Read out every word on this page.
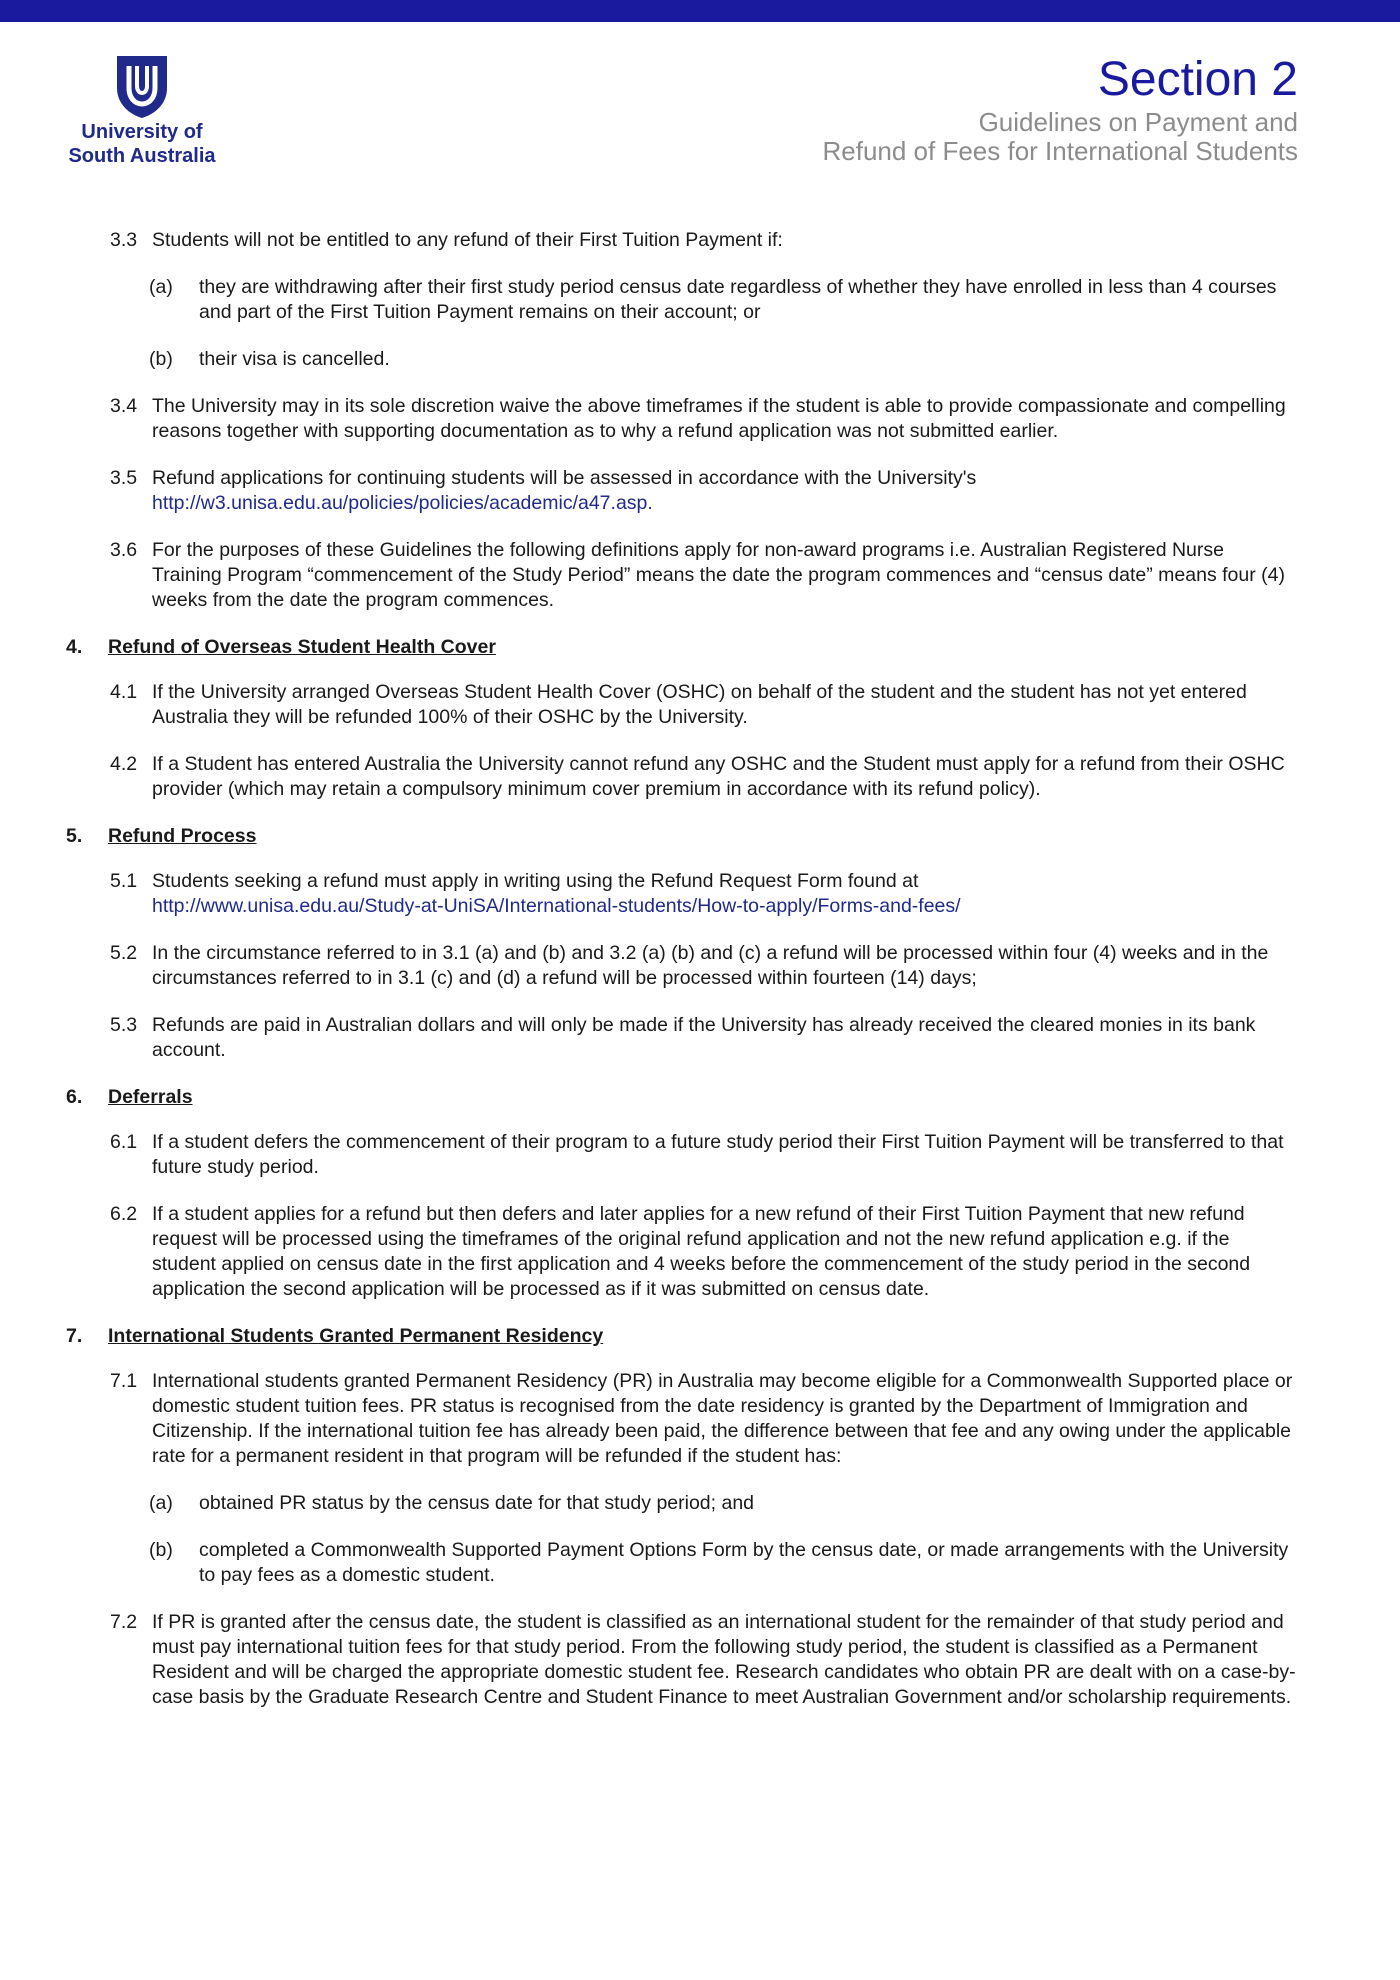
University of
South Australia
Section 2
Guidelines on Payment and
Refund of Fees for International Students
3.3 Students will not be entitled to any refund of their First Tuition Payment if:
(a) they are withdrawing after their first study period census date regardless of whether they have enrolled in less than 4 courses and part of the First Tuition Payment remains on their account; or
(b) their visa is cancelled.
3.4 The University may in its sole discretion waive the above timeframes if the student is able to provide compassionate and compelling reasons together with supporting documentation as to why a refund application was not submitted earlier.
3.5 Refund applications for continuing students will be assessed in accordance with the University's
http://w3.unisa.edu.au/policies/policies/academic/a47.asp.
3.6 For the purposes of these Guidelines the following definitions apply for non-award programs i.e. Australian Registered Nurse Training Program “commencement of the Study Period” means the date the program commences and “census date” means four (4) weeks from the date the program commences.
4. Refund of Overseas Student Health Cover
4.1 If the University arranged Overseas Student Health Cover (OSHC) on behalf of the student and the student has not yet entered Australia they will be refunded 100% of their OSHC by the University.
4.2 If a Student has entered Australia the University cannot refund any OSHC and the Student must apply for a refund from their OSHC provider (which may retain a compulsory minimum cover premium in accordance with its refund policy).
5. Refund Process
5.1 Students seeking a refund must apply in writing using the Refund Request Form found at
http://www.unisa.edu.au/Study-at-UniSA/International-students/How-to-apply/Forms-and-fees/
5.2 In the circumstance referred to in 3.1 (a) and (b) and 3.2 (a) (b) and (c) a refund will be processed within four (4) weeks and in the circumstances referred to in 3.1 (c) and (d) a refund will be processed within fourteen (14) days;
5.3 Refunds are paid in Australian dollars and will only be made if the University has already received the cleared monies in its bank account.
6. Deferrals
6.1 If a student defers the commencement of their program to a future study period their First Tuition Payment will be transferred to that future study period.
6.2 If a student applies for a refund but then defers and later applies for a new refund of their First Tuition Payment that new refund request will be processed using the timeframes of the original refund application and not the new refund application e.g. if the student applied on census date in the first application and 4 weeks before the commencement of the study period in the second application the second application will be processed as if it was submitted on census date.
7. International Students Granted Permanent Residency
7.1 International students granted Permanent Residency (PR) in Australia may become eligible for a Commonwealth Supported place or domestic student tuition fees. PR status is recognised from the date residency is granted by the Department of Immigration and Citizenship. If the international tuition fee has already been paid, the difference between that fee and any owing under the applicable rate for a permanent resident in that program will be refunded if the student has:
(a) obtained PR status by the census date for that study period; and
(b) completed a Commonwealth Supported Payment Options Form by the census date, or made arrangements with the University to pay fees as a domestic student.
7.2 If PR is granted after the census date, the student is classified as an international student for the remainder of that study period and must pay international tuition fees for that study period. From the following study period, the student is classified as a Permanent Resident and will be charged the appropriate domestic student fee. Research candidates who obtain PR are dealt with on a case-by-case basis by the Graduate Research Centre and Student Finance to meet Australian Government and/or scholarship requirements.
